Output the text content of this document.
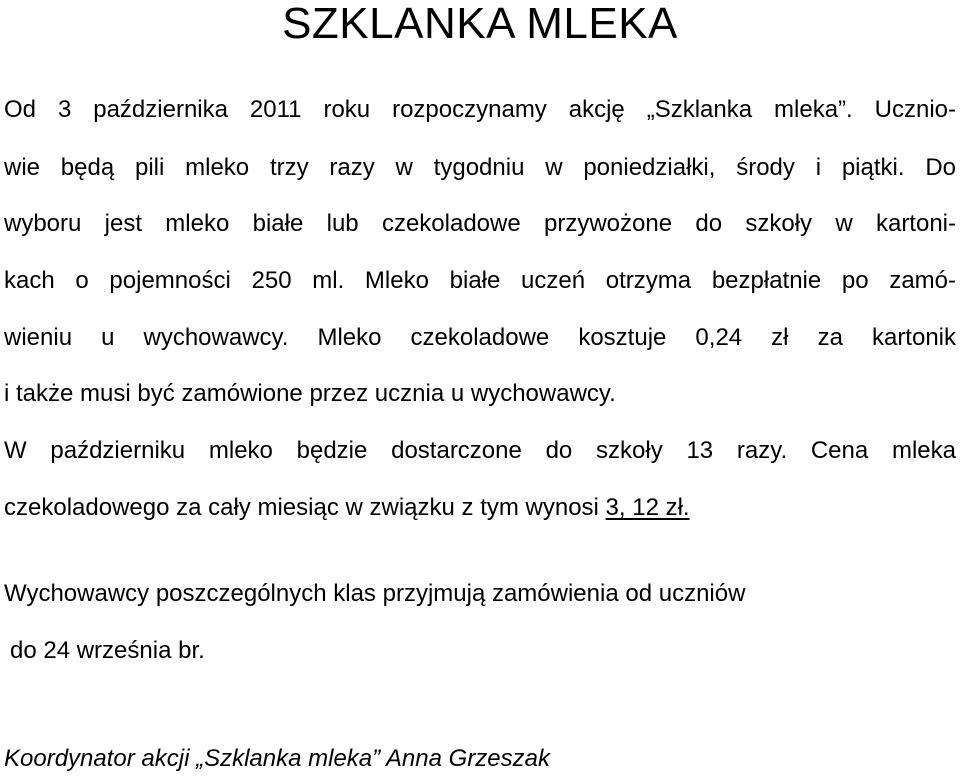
SZKLANKA MLEKA

Od 3 października 2011 roku rozpoczynamy akcję „Szklanka mleka”. Ucznio-

wie będą pili mleko trzy razy w tygodniu w poniedziałki, środy i piątki. Do

wyboru jest mleko białe lub czekoladowe przywożone do szkoły w kartoni-

kach o pojemności 250 ml. Mleko białe uczeń otrzyma bezpłatnie po zamó-

wieniu u wychowawcy. Mleko czekoladowe kosztuje 0,24 zł za kartonik

i także musi być zamówione przez ucznia u wychowawcy.

W październiku mleko będzie dostarczone do szkoły 13 razy. Cena mleka

czekoladowego za cały miesiąc w związku z tym wynosi 3, 12 zł.

Wychowawcy poszczególnych klas przyjmują zamówienia od uczniów

do 24 września br.

Koordynator akcji „Szklanka mleka” Anna Grzeszak
